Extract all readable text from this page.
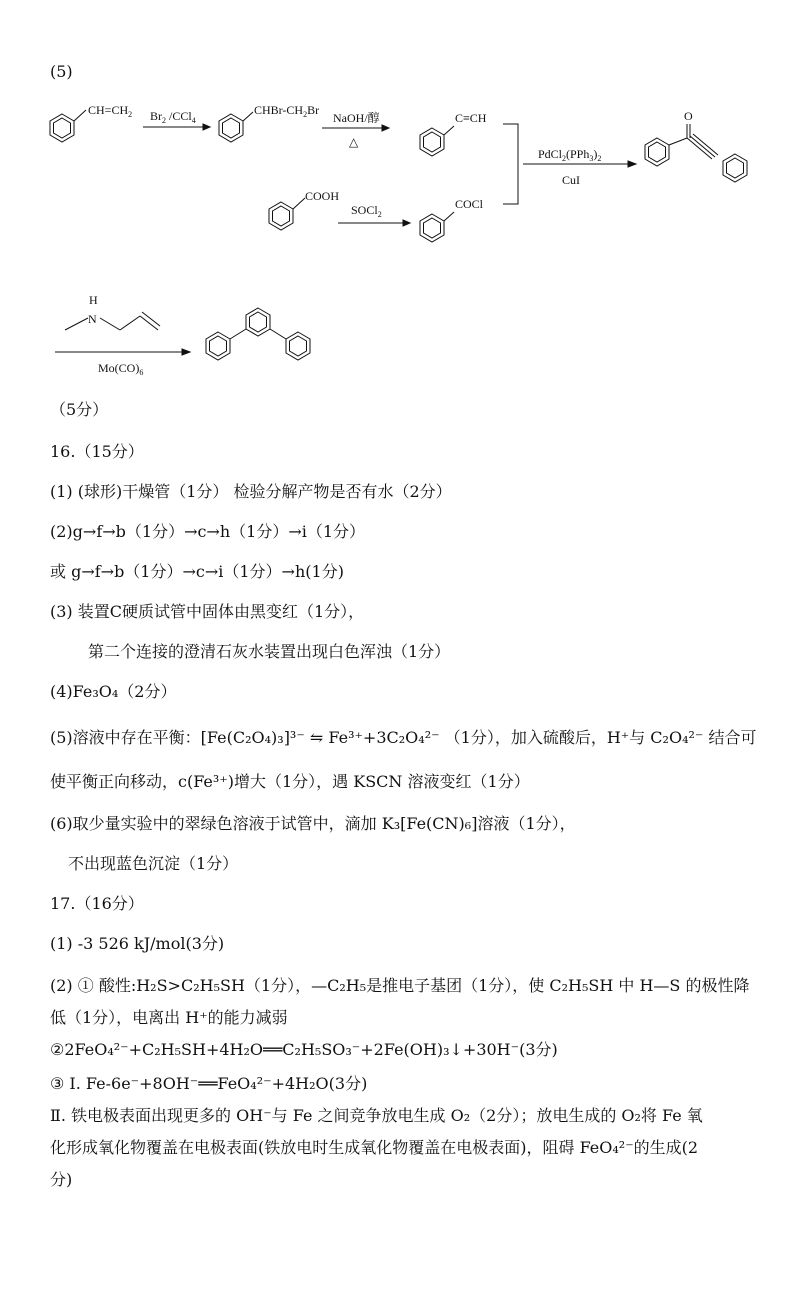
(5)
$CH=CH_2$ $Br_2$ /CCl$_4$
CHBr-$CH_2Br$
NaOH/醇
△
C≡CH
COOH
SOCl$_2$
COCl
$PdCl_2(PPh_3)_2$
CuI
O
H
N
$Mo(CO)_6$
（5分）
16.（15分）
(1) (球形)干燥管（1分） 检验分解产物是否有水（2分）
(2)g→f→b（1分）→c→h（1分）→i（1分）
或 g→f→b（1分）→c→i（1分）→h(1分)
(3) 装置C硬质试管中固体由黑变红（1分），
第二个连接的澄清石灰水装置出现白色浑浊（1分）
(4)Fe₃O₄（2分）
(5)溶液中存在平衡：[Fe(C₂O₄)₃]³⁻ ⇋ Fe³⁺+3C₂O₄²⁻ （1分），加入硫酸后，H⁺与 C₂O₄²⁻ 结合可
使平衡正向移动，c(Fe³⁺)增大（1分），遇 KSCN 溶液变红（1分）
(6)取少量实验中的翠绿色溶液于试管中，滴加 K₃[Fe(CN)₆]溶液（1分），
不出现蓝色沉淀（1分）
17.（16分）
(1) -3 526 kJ/mol(3分)
(2) ① 酸性:H₂S>C₂H₅SH（1分），—C₂H₅是推电子基团（1分），使 C₂H₅SH 中 H—S 的极性降
低（1分），电离出 H⁺的能力减弱
②2FeO₄²⁻+C₂H₅SH+4H₂O══C₂H₅SO₃⁻+2Fe(OH)₃↓+30H⁻(3分)
③ Ⅰ. Fe-6e⁻+8OH⁻══FeO₄²⁻+4H₂O(3分)
Ⅱ. 铁电极表面出现更多的 OH⁻与 Fe 之间竞争放电生成 O₂（2分）；放电生成的 O₂将 Fe 氧
化形成氧化物覆盖在电极表面(铁放电时生成氧化物覆盖在电极表面)，阻碍 FeO₄²⁻的生成(2
分)
